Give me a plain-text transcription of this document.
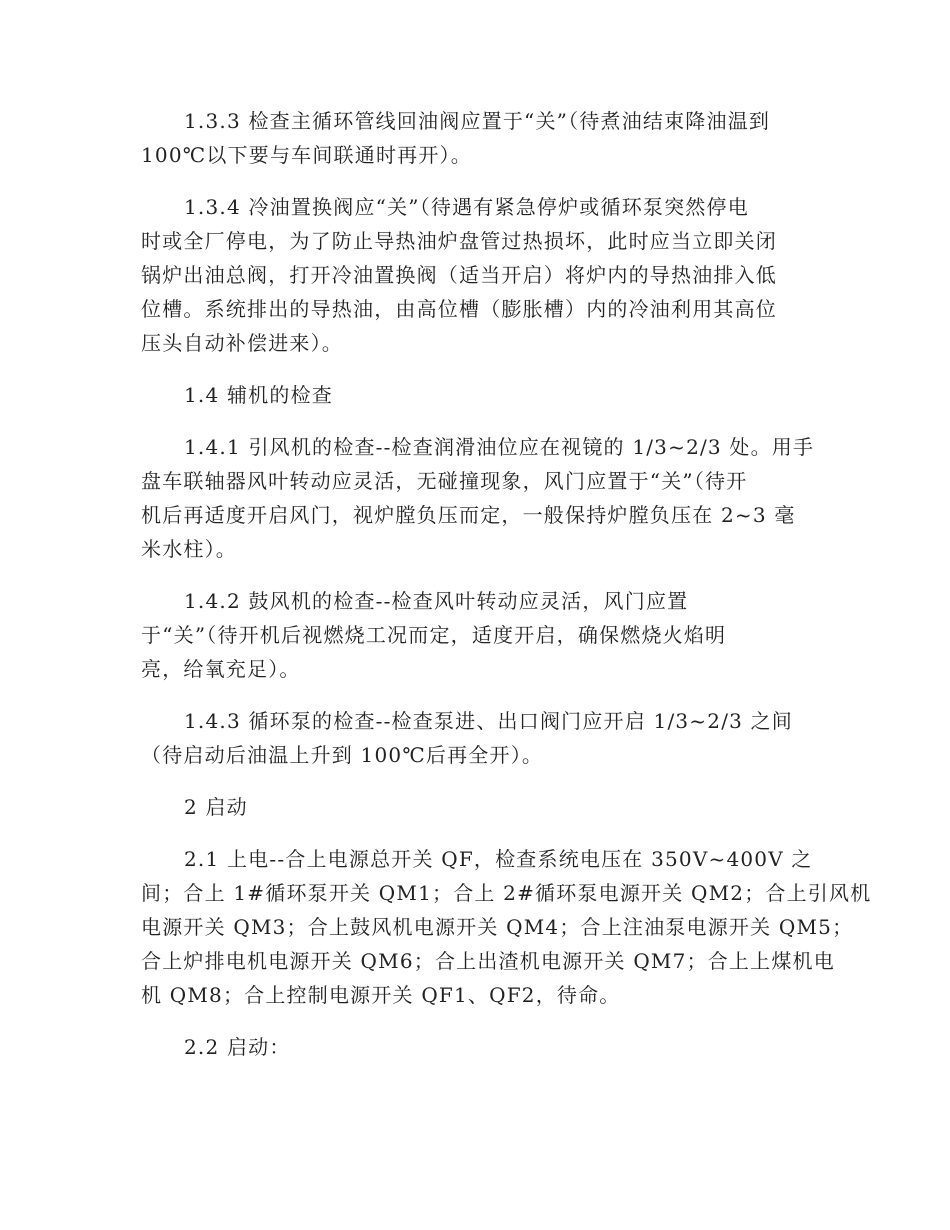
1.3.3 检查主循环管线回油阀应置于“关”（待煮油结束降油温到
100℃以下要与车间联通时再开）。

1.3.4 冷油置换阀应“关”（待遇有紧急停炉或循环泵突然停电
时或全厂停电，为了防止导热油炉盘管过热损坏，此时应当立即关闭
锅炉出油总阀，打开冷油置换阀（适当开启）将炉内的导热油排入低
位槽。系统排出的导热油，由高位槽（膨胀槽）内的冷油利用其高位
压头自动补偿进来）。

1.4 辅机的检查

1.4.1 引风机的检查--检查润滑油位应在视镜的 1/3~2/3 处。用手
盘车联轴器风叶转动应灵活，无碰撞现象，风门应置于“关”（待开
机后再适度开启风门，视炉膛负压而定，一般保持炉膛负压在 2~3 毫
米水柱）。

1.4.2 鼓风机的检查--检查风叶转动应灵活，风门应置
于“关”（待开机后视燃烧工况而定，适度开启，确保燃烧火焰明
亮，给氧充足）。

1.4.3 循环泵的检查--检查泵进、出口阀门应开启 1/3~2/3 之间
（待启动后油温上升到 100℃后再全开）。

2 启动

2.1 上电--合上电源总开关 QF，检查系统电压在 350V~400V 之
间；合上 1#循环泵开关 QM1；合上 2#循环泵电源开关 QM2；合上引风机
电源开关 QM3；合上鼓风机电源开关 QM4；合上注油泵电源开关 QM5；
合上炉排电机电源开关 QM6；合上出渣机电源开关 QM7；合上上煤机电
机 QM8；合上控制电源开关 QF1、QF2，待命。

2.2 启动：
